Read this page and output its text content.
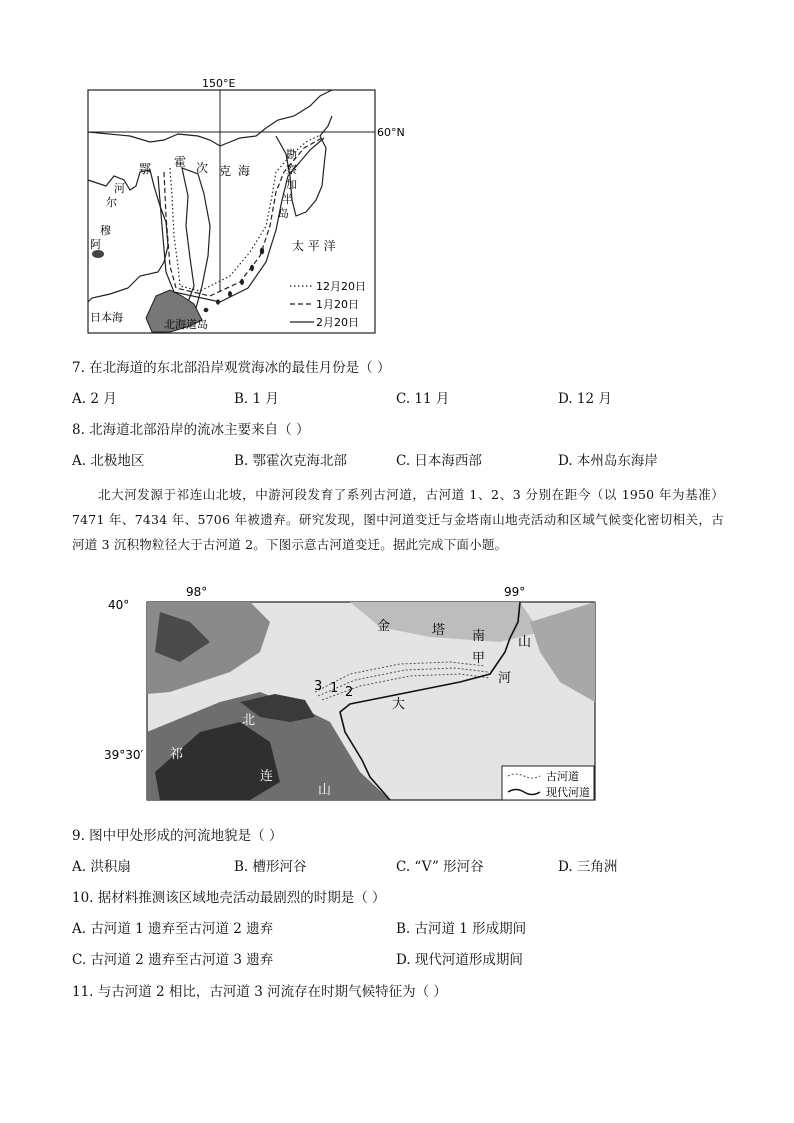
150°E
60°N
鄂 霍 次 克 海
勘
察
加
半
岛
河
尔
穆
阿	太 平 洋
日本海
北海道岛
12月20日
1月20日
2月20日
7. 在北海道的东北部沿岸观赏海冰的最佳月份是（ ）
A. 2 月	B. 1 月	C. 11 月	D. 12 月
8. 北海道北部沿岸的流冰主要来自（ ）
A. 北极地区	B. 鄂霍次克海北部	C. 日本海西部	D. 本州岛东海岸
北大河发源于祁连山北坡，中游河段发育了系列古河道，古河道 1、2、3 分别在距今（以 1950 年为基准）7471 年、7434 年、5706 年被遗弃。研究发现，图中河道变迁与金塔南山地壳活动和区域气候变化密切相关，古河道 3 沉积物粒径大于古河道 2。下图示意古河道变迁。据此完成下面小题。
98°	99°
40°
39°30′
金	塔 南	山
甲
河
大
北
祁
连
山
3 1 2
古河道
现代河道
9. 图中甲处形成的河流地貌是（ ）
A. 洪积扇	B. 槽形河谷	C. “V” 形河谷	D. 三角洲
10. 据材料推测该区域地壳活动最剧烈的时期是（ ）
A. 古河道 1 遗弃至古河道 2 遗弃	B. 古河道 1 形成期间
C. 古河道 2 遗弃至古河道 3 遗弃	D. 现代河道形成期间
11. 与古河道 2 相比，古河道 3 河流存在时期气候特征为（ ）
